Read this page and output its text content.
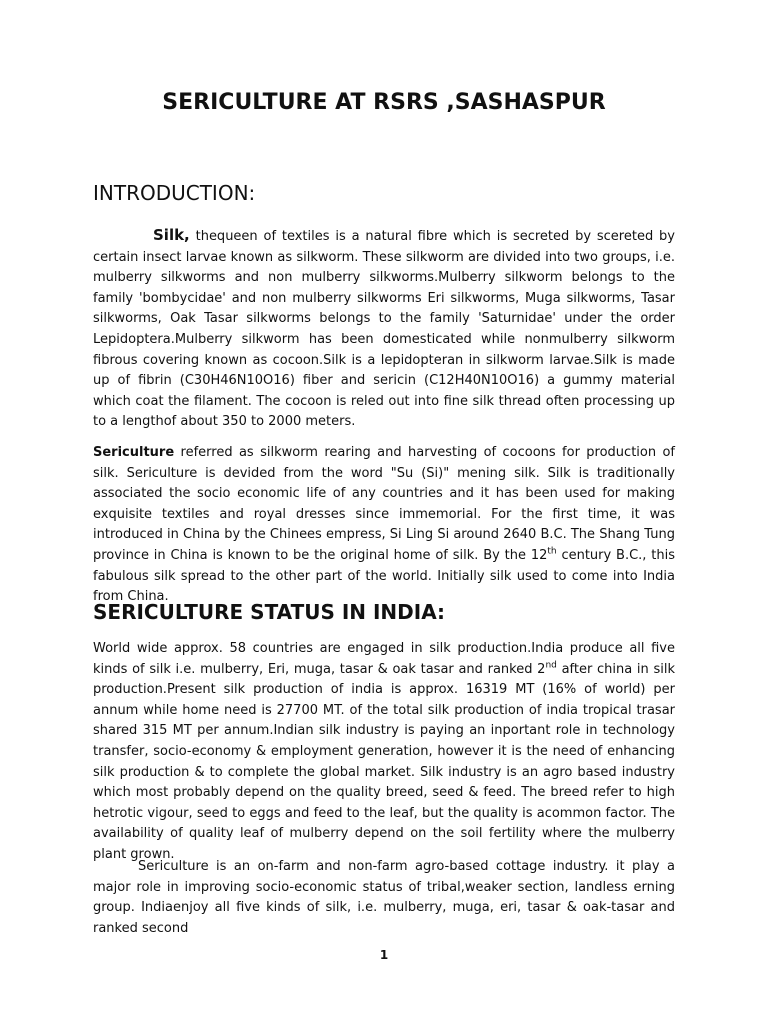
SERICULTURE AT RSRS ,SASHASPUR
INTRODUCTION:
Silk, thequeen of textiles is a natural fibre which is secreted by scereted by certain insect larvae known as silkworm. These silkworm are divided into two groups, i.e. mulberry silkworms and non mulberry silkworms.Mulberry silkworm belongs to the family 'bombycidae' and non mulberry silkworms Eri silkworms, Muga silkworms, Tasar silkworms, Oak Tasar silkworms belongs to the family 'Saturnidae' under the order Lepidoptera.Mulberry silkworm has been domesticated while nonmulberry silkworm fibrous covering known as cocoon.Silk is a lepidopteran in silkworm larvae.Silk is made up of fibrin (C30H46N10O16) fiber and sericin (C12H40N10O16) a gummy material which coat the filament. The cocoon is reled out into fine silk thread often processing up to a lengthof about 350 to 2000 meters.
Sericulture referred as silkworm rearing and harvesting of cocoons for production of silk. Sericulture is devided from the word "Su (Si)" mening silk. Silk is traditionally associated the socio economic life of any countries and it has been used for making exquisite textiles and royal dresses since immemorial. For the first time, it was introduced in China by the Chinees empress, Si Ling Si around 2640 B.C. The Shang Tung province in China is known to be the original home of silk. By the 12th century B.C., this fabulous silk spread to the other part of the world. Initially silk used to come into India from China.
SERICULTURE STATUS IN INDIA:
World wide approx. 58 countries are engaged in silk production.India produce all five kinds of silk i.e. mulberry, Eri, muga, tasar & oak tasar and ranked 2nd after china in silk production.Present silk production of india is approx. 16319 MT (16% of world) per annum while home need is 27700 MT. of the total silk production of india tropical trasar shared 315 MT per annum.Indian silk industry is paying an inportant role in technology transfer, socio-economy & employment generation, however it is the need of enhancing silk production & to complete the global market. Silk industry is an agro based industry which most probably depend on the quality breed, seed & feed. The breed refer to high hetrotic vigour, seed to eggs and feed to the leaf, but the quality is acommon factor. The availability of quality leaf of mulberry depend on the soil fertility where the mulberry plant grown.
Sericulture is an on-farm and non-farm agro-based cottage industry. it play a major role in improving socio-economic status of tribal,weaker section, landless erning group. Indiaenjoy all five kinds of silk, i.e. mulberry, muga, eri, tasar & oak-tasar and ranked second
1
